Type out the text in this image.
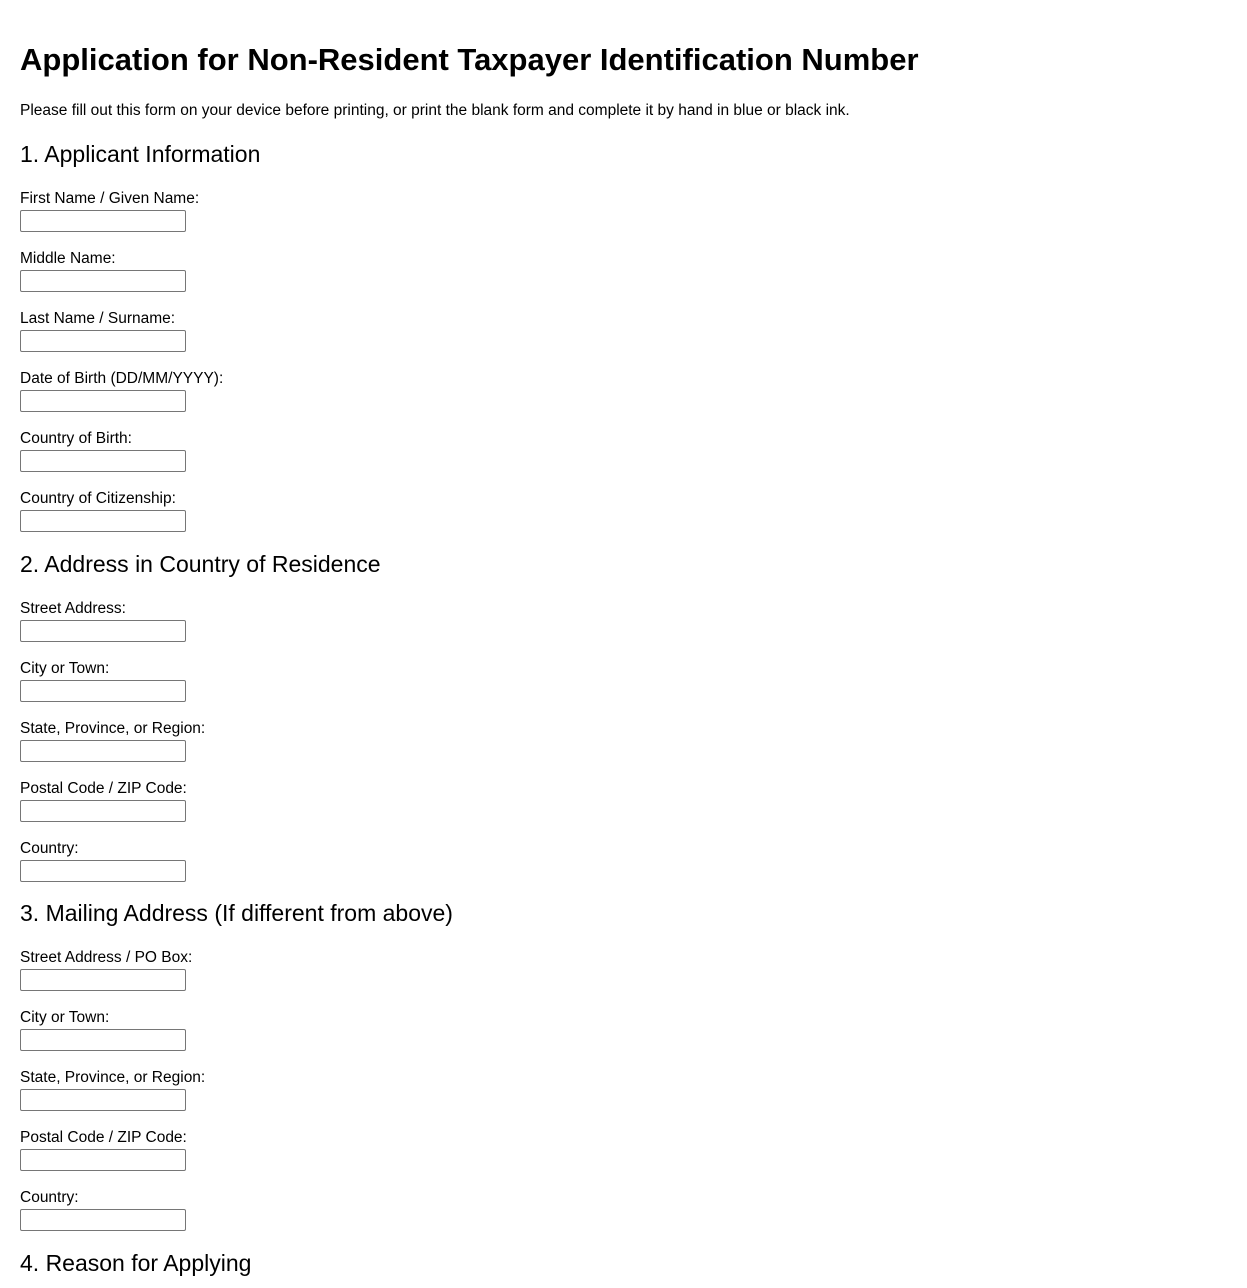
Application for Non-Resident Taxpayer Identification Number

Please fill out this form on your device before printing, or print the blank form and complete it by hand in blue or black ink.

1. Applicant Information
First Name / Given Name:
Middle Name:
Last Name / Surname:
Date of Birth (DD/MM/YYYY):
Country of Birth:
Country of Citizenship:
2. Address in Country of Residence
Street Address:
City or Town:
State, Province, or Region:
Postal Code / ZIP Code:
Country:
3. Mailing Address (If different from above)
Street Address / PO Box:
City or Town:
State, Province, or Region:
Postal Code / ZIP Code:
Country:
4. Reason for Applying
